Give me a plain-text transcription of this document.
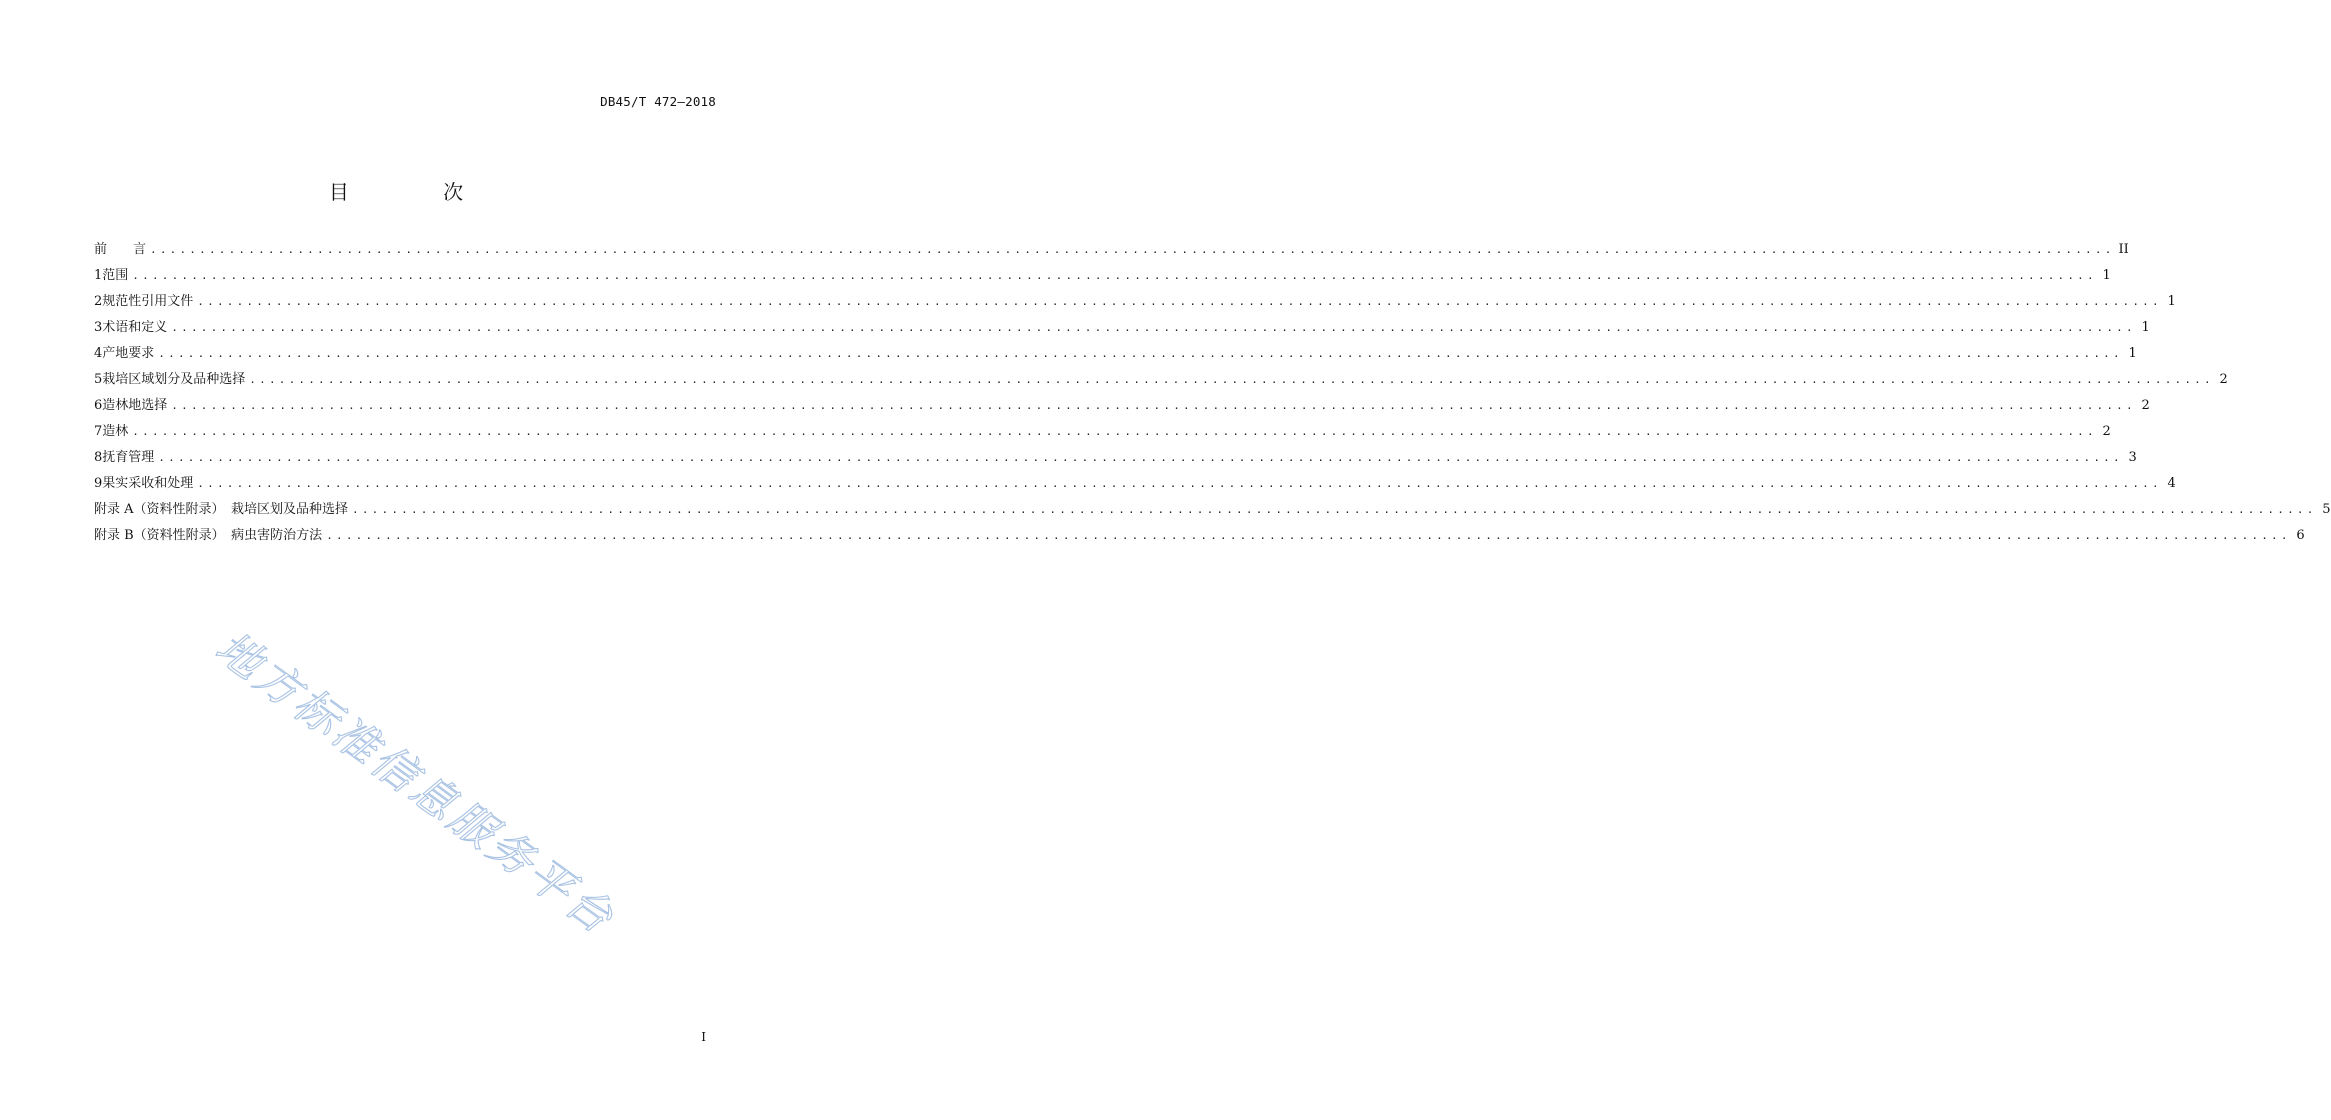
DB45/T 472—2018
目 次
前　　言 ........................................................................................................................................................................................................ II
1 范围 ........................................................................................................................................................................................................ 1
2 规范性引用文件 ........................................................................................................................................................................................................ 1
3 术语和定义 ........................................................................................................................................................................................................ 1
4 产地要求 ........................................................................................................................................................................................................ 1
5 栽培区域划分及品种选择 ........................................................................................................................................................................................................ 2
6 造林地选择 ........................................................................................................................................................................................................ 2
7 造林 ........................................................................................................................................................................................................ 2
8 抚育管理 ........................................................................................................................................................................................................ 3
9 果实采收和处理 ........................................................................................................................................................................................................ 4
附录 A（资料性附录）　栽培区划及品种选择 ........................................................................................................................................................................................................ 5
附录 B（资料性附录）　病虫害防治方法 ........................................................................................................................................................................................................ 6
地方标准信息服务平台
I
